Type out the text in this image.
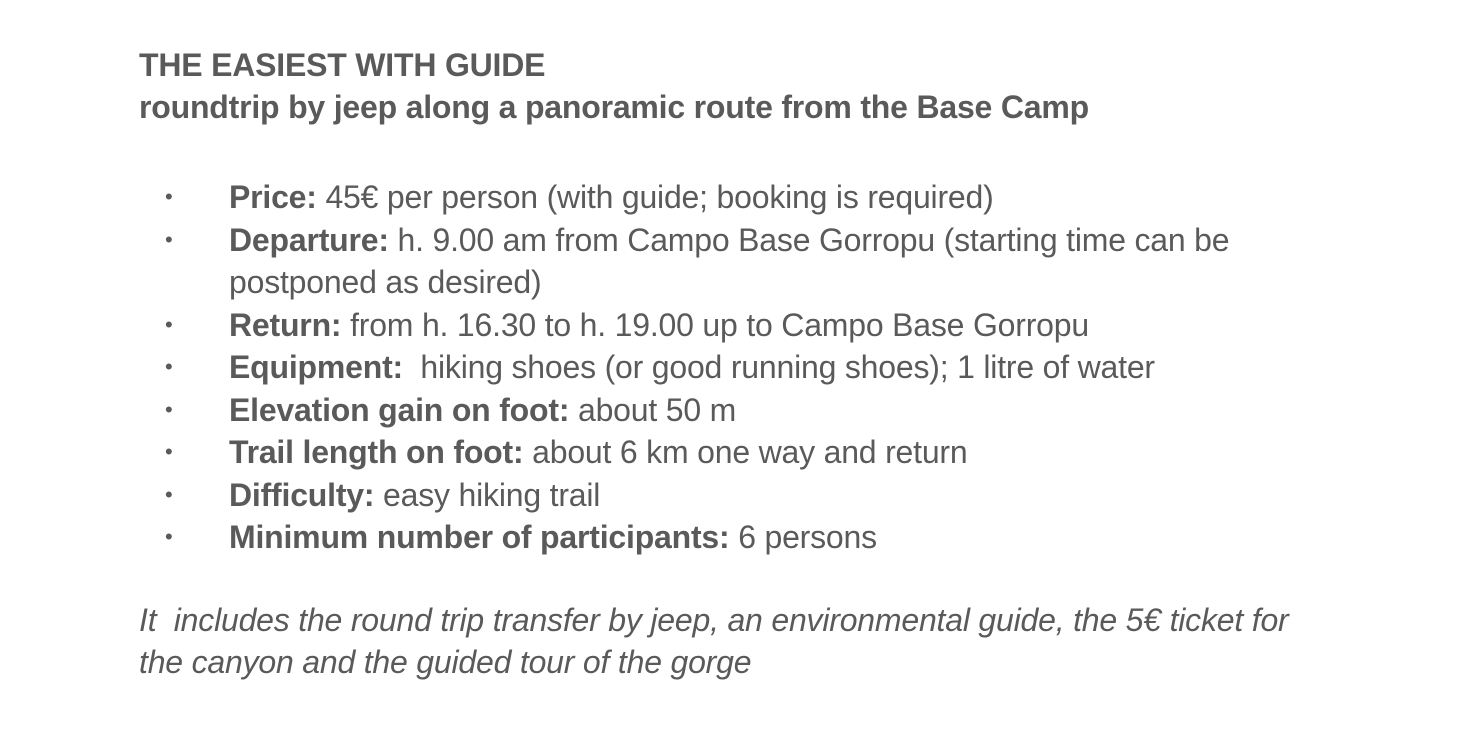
THE EASIEST WITH GUIDE
roundtrip by jeep along a panoramic route from the Base Camp
• Price: 45€ per person (with guide; booking is required)
• Departure: h. 9.00 am from Campo Base Gorropu (starting time can be postponed as desired)
• Return: from h. 16.30 to h. 19.00 up to Campo Base Gorropu
• Equipment:  hiking shoes (or good running shoes); 1 litre of water
• Elevation gain on foot: about 50 m
• Trail length on foot: about 6 km one way and return
• Difficulty: easy hiking trail
• Minimum number of participants: 6 persons

It  includes the round trip transfer by jeep, an environmental guide, the 5€ ticket for the canyon and the guided tour of the gorge
